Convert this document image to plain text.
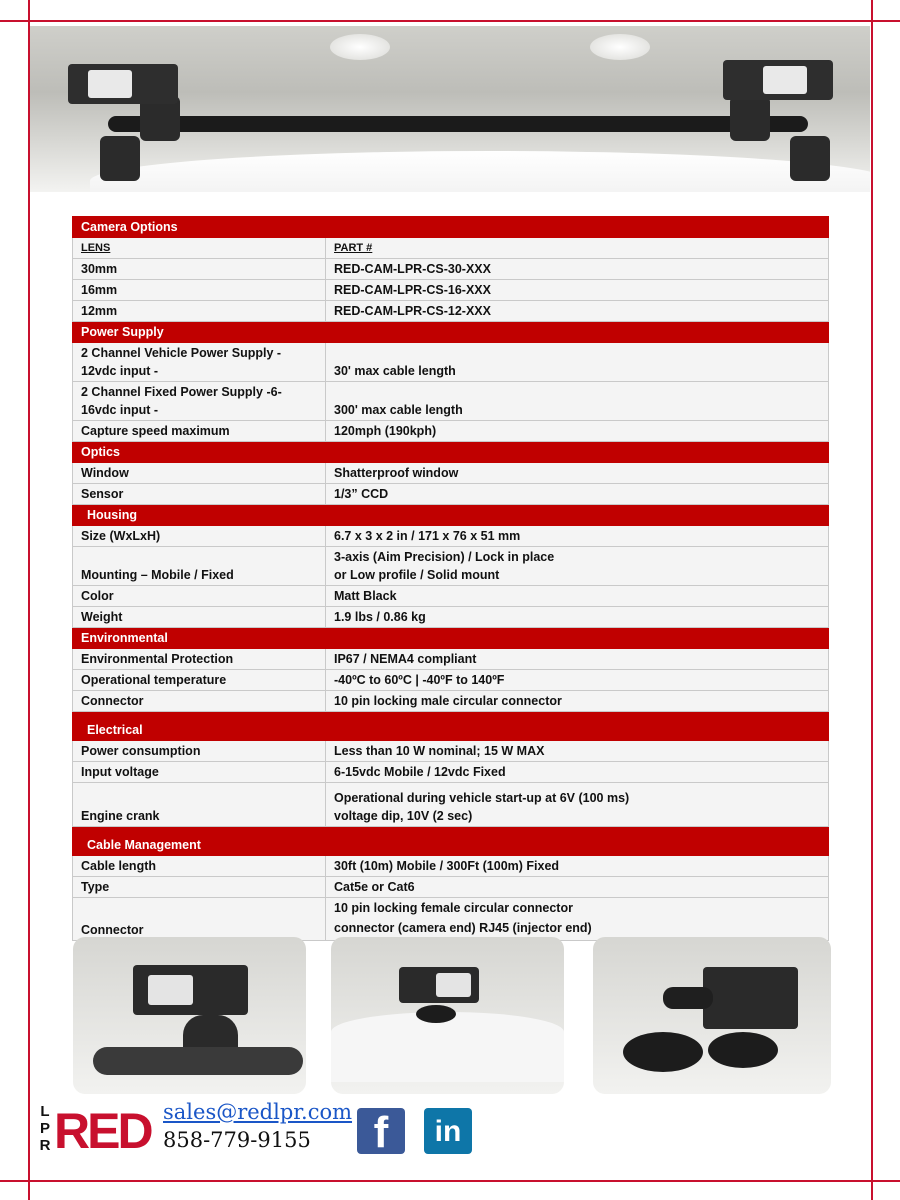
Camera Options	
LENS	PART #
30mm	RED-CAM-LPR-CS-30-XXX
16mm	RED-CAM-LPR-CS-16-XXX
12mm	RED-CAM-LPR-CS-12-XXX
Power Supply	
2 Channel Vehicle Power Supply -
12vdc input -	30' max cable length
2 Channel Fixed Power Supply -6-
16vdc input -	300' max cable length
Capture speed maximum	120mph (190kph)
Optics	
Window	Shatterproof window
Sensor	1/3” CCD
Housing	
Size (WxLxH)	6.7 x 3 x 2 in / 171 x 76 x 51 mm
Mounting – Mobile / Fixed	3-axis (Aim Precision) / Lock in place
or Low profile / Solid mount
Color	Matt Black
Weight	1.9 lbs / 0.86 kg
Environmental	
Environmental Protection	IP67 / NEMA4 compliant
Operational temperature	-40ºC to 60ºC | -40ºF to 140ºF
Connector	10 pin locking male circular connector
Electrical	
Power consumption	Less than 10 W nominal; 15 W MAX
Input voltage	6-15vdc Mobile / 12vdc Fixed
Engine crank	Operational during vehicle start-up at 6V (100 ms)
voltage dip, 10V (2 sec)
Cable Management	
Cable length	30ft (10m) Mobile / 300Ft (100m) Fixed
Type	Cat5e or Cat6
Connector	10 pin locking female circular connector
connector (camera end) RJ45 (injector end)
L
P
R RED sales@redlpr.com
858-779-9155	f	in
